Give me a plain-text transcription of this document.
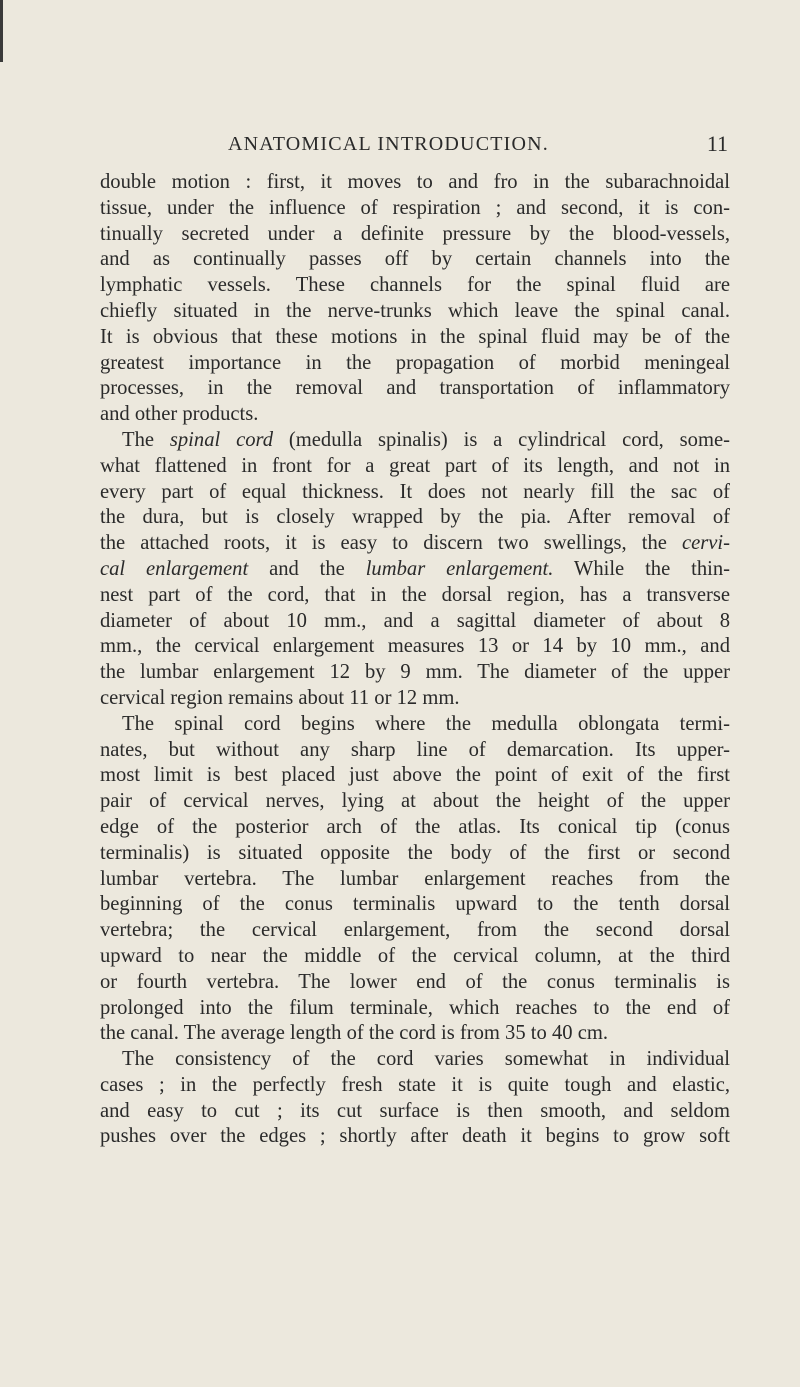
ANATOMICAL INTRODUCTION.	11
double motion : first, it moves to and fro in the subarachnoidal
tissue, under the influence of respiration ; and second, it is con-
tinually secreted under a definite pressure by the blood-vessels,
and as continually passes off by certain channels into the
lymphatic vessels. These channels for the spinal fluid are
chiefly situated in the nerve-trunks which leave the spinal canal.
It is obvious that these motions in the spinal fluid may be of the
greatest importance in the propagation of morbid meningeal
processes, in the removal and transportation of inflammatory
and other products.
The spinal cord (medulla spinalis) is a cylindrical cord, some-
what flattened in front for a great part of its length, and not in
every part of equal thickness. It does not nearly fill the sac of
the dura, but is closely wrapped by the pia. After removal of
the attached roots, it is easy to discern two swellings, the cervi-
cal enlargement and the lumbar enlargement. While the thin-
nest part of the cord, that in the dorsal region, has a transverse
diameter of about 10 mm., and a sagittal diameter of about 8
mm., the cervical enlargement measures 13 or 14 by 10 mm., and
the lumbar enlargement 12 by 9 mm. The diameter of the upper
cervical region remains about 11 or 12 mm.
The spinal cord begins where the medulla oblongata termi-
nates, but without any sharp line of demarcation. Its upper-
most limit is best placed just above the point of exit of the first
pair of cervical nerves, lying at about the height of the upper
edge of the posterior arch of the atlas. Its conical tip (conus
terminalis) is situated opposite the body of the first or second
lumbar vertebra. The lumbar enlargement reaches from the
beginning of the conus terminalis upward to the tenth dorsal
vertebra; the cervical enlargement, from the second dorsal
upward to near the middle of the cervical column, at the third
or fourth vertebra. The lower end of the conus terminalis is
prolonged into the filum terminale, which reaches to the end of
the canal. The average length of the cord is from 35 to 40 cm.
The consistency of the cord varies somewhat in individual
cases ; in the perfectly fresh state it is quite tough and elastic,
and easy to cut ; its cut surface is then smooth, and seldom
pushes over the edges ; shortly after death it begins to grow soft
